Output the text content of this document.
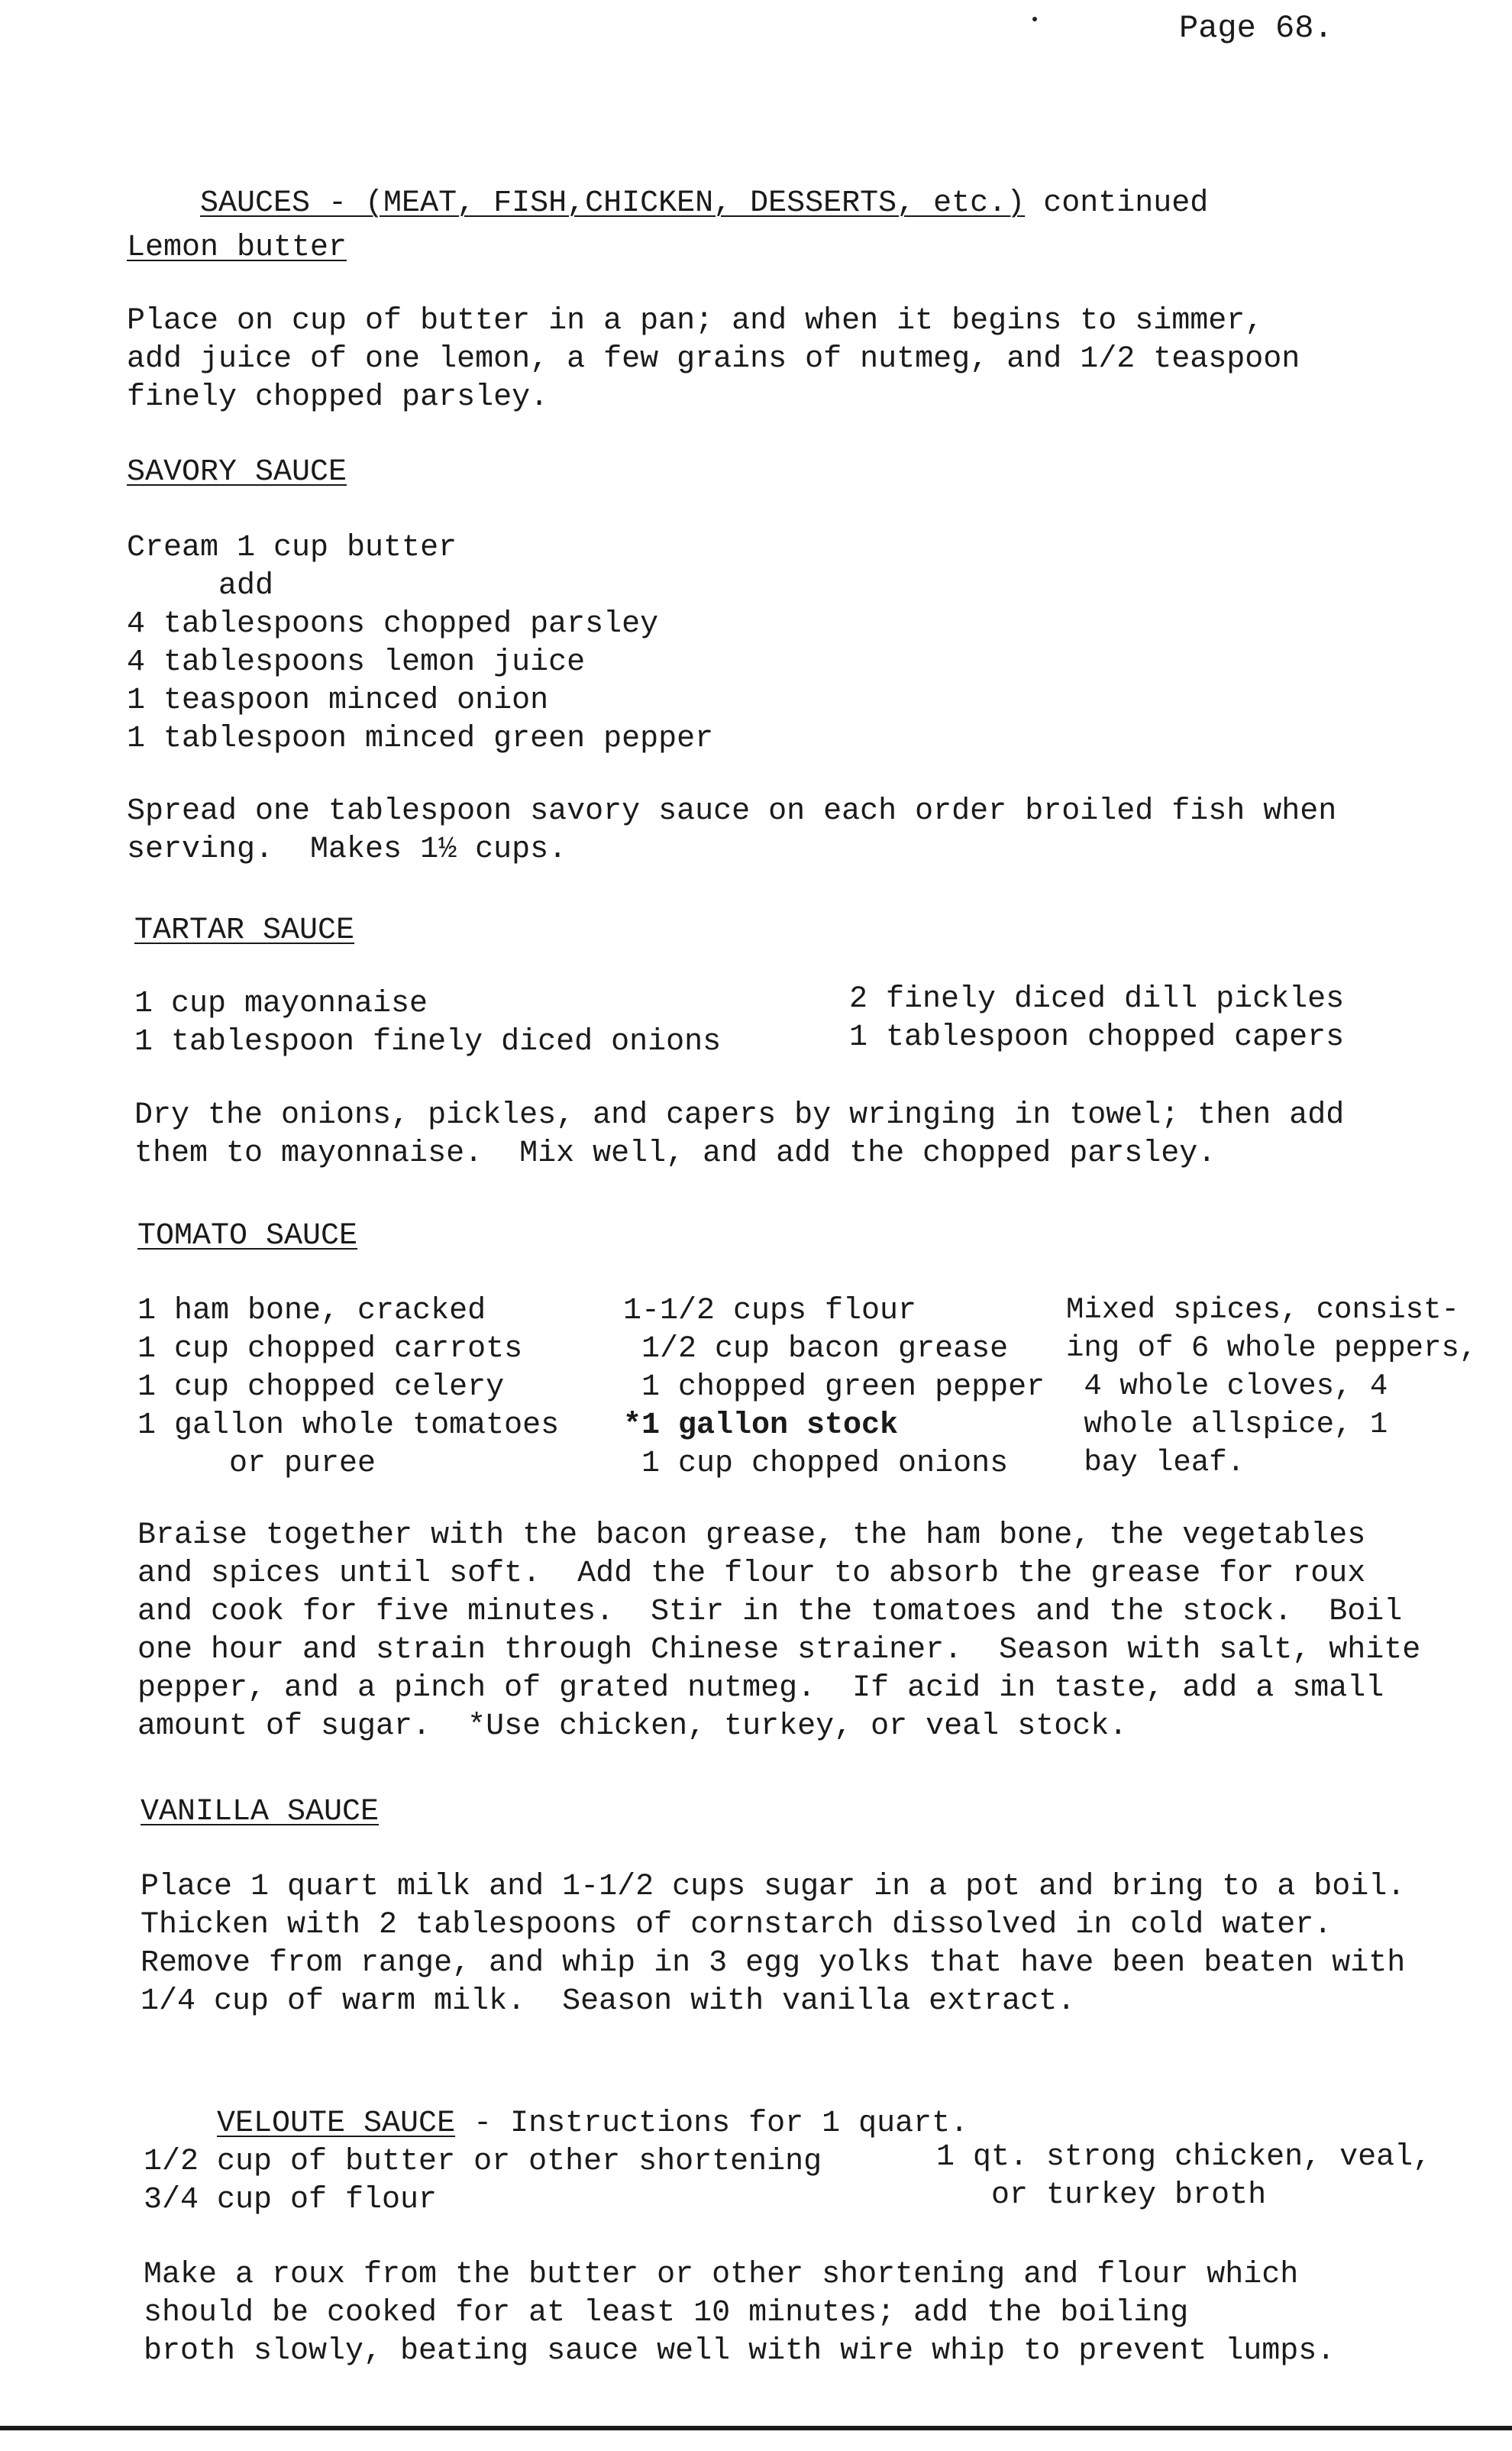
Page 68.

SAUCES - (MEAT, FISH,CHICKEN, DESSERTS, etc.) continued

Lemon butter
Place on cup of butter in a pan; and when it begins to simmer,
add juice of one lemon, a few grains of nutmeg, and 1/2 teaspoon
finely chopped parsley.
SAVORY SAUCE
Cream 1 cup butter
add
4 tablespoons chopped parsley
4 tablespoons lemon juice
1 teaspoon minced onion
1 tablespoon minced green pepper
Spread one tablespoon savory sauce on each order broiled fish when
serving.  Makes 1½ cups.
TARTAR SAUCE
1 cup mayonnaise
1 tablespoon finely diced onions
2 finely diced dill pickles
1 tablespoon chopped capers
Dry the onions, pickles, and capers by wringing in towel; then add
them to mayonnaise.  Mix well, and add the chopped parsley.
TOMATO SAUCE
1 ham bone, cracked
1 cup chopped carrots
1 cup chopped celery
1 gallon whole tomatoes
or puree
1-1/2 cups flour
1/2 cup bacon grease
1 chopped green pepper
*1 gallon stock
1 cup chopped onions
Mixed spices, consist-
ing of 6 whole peppers,
4 whole cloves, 4
whole allspice, 1
bay leaf.
Braise together with the bacon grease, the ham bone, the vegetables
and spices until soft.  Add the flour to absorb the grease for roux
and cook for five minutes.  Stir in the tomatoes and the stock.  Boil
one hour and strain through Chinese strainer.  Season with salt, white
pepper, and a pinch of grated nutmeg.  If acid in taste, add a small
amount of sugar.  *Use chicken, turkey, or veal stock.
VANILLA SAUCE
Place 1 quart milk and 1-1/2 cups sugar in a pot and bring to a boil.
Thicken with 2 tablespoons of cornstarch dissolved in cold water.
Remove from range, and whip in 3 egg yolks that have been beaten with
1/4 cup of warm milk.  Season with vanilla extract.

VELOUTE SAUCE - Instructions for 1 quart.

1/2 cup of butter or other shortening
3/4 cup of flour
1 qt. strong chicken, veal,
or turkey broth
Make a roux from the butter or other shortening and flour which
should be cooked for at least 10 minutes; add the boiling
broth slowly, beating sauce well with wire whip to prevent lumps.
